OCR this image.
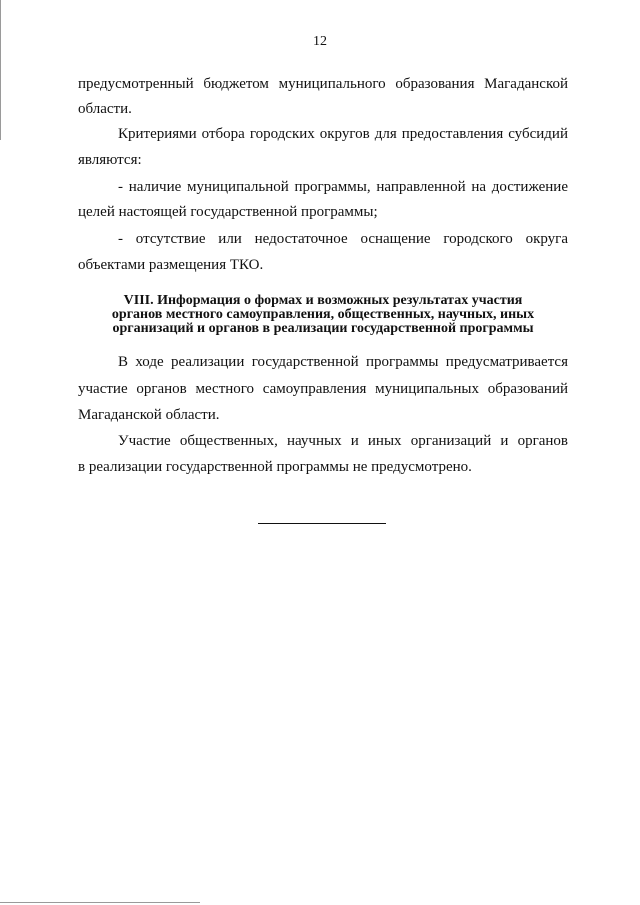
12
предусмотренный бюджетом муниципального образования Магаданской
области.
Критериями отбора городских округов для предоставления субсидий
являются:
- наличие муниципальной программы, направленной на достижение
целей настоящей государственной программы;
- отсутствие или недостаточное оснащение городского округа
объектами размещения ТКО.
VIII. Информация о формах и возможных результатах участия
органов местного самоуправления, общественных, научных, иных
организаций и органов в реализации государственной программы
В ходе реализации государственной программы предусматривается
участие органов местного самоуправления муниципальных образований
Магаданской области.
Участие общественных, научных и иных организаций и органов
в реализации государственной программы не предусмотрено.
